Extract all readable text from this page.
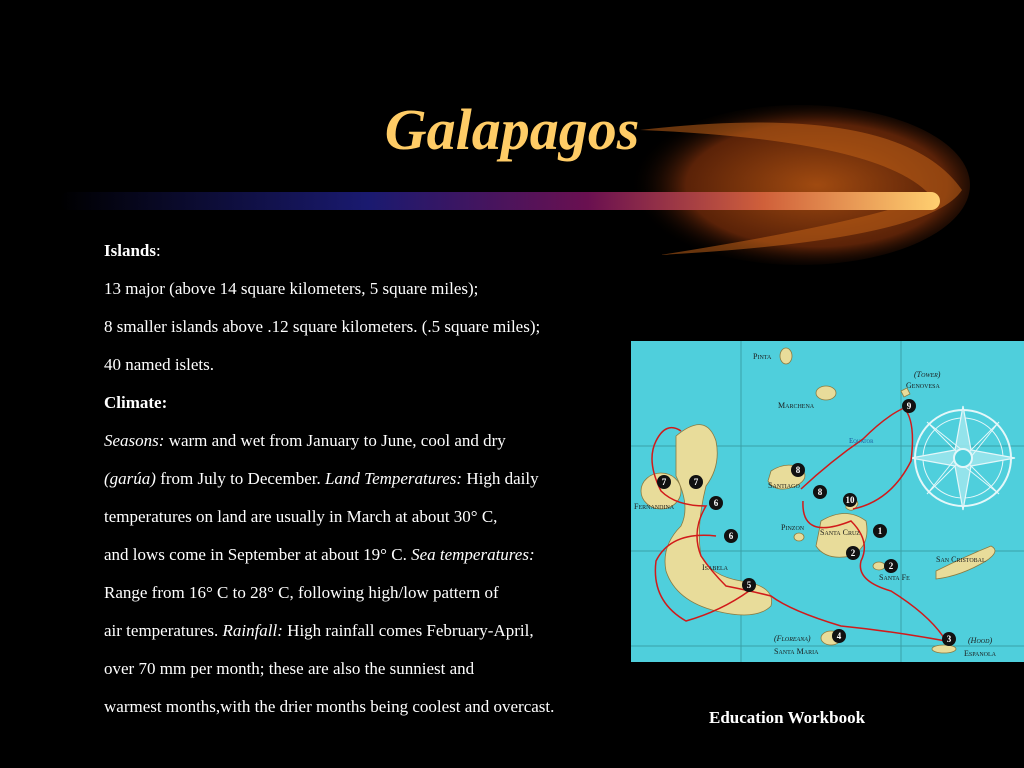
Galapagos
Islands:
13 major (above 14 square kilometers, 5 square miles);
8 smaller islands above .12 square kilometers. (.5 square miles);
40 named islets.
Climate:
Seasons: warm and wet from January to June, cool and dry
(garúa) from July to December. Land Temperatures: High daily
temperatures on land are usually in March at about 30° C,
and lows come in September at about 19° C. Sea temperatures:
Range from 16° C to 28° C, following high/low pattern of
air temperatures. Rainfall: High rainfall comes February-April,
over 70 mm per month; these are also the sunniest and
warmest months,with the drier months being coolest and overcast.
1
2
2
3
4
5
6
6
7	7
8
8
9
10
Pinta
(Tower)
Genovesa
Marchena
Equator
Santiago
Fernandina
Pinzon
Santa Cruz
Isabela
San Cristobal
Santa Fe
(Floreana)
Santa Maria
(Hood)
Espanola
Education Workbook
